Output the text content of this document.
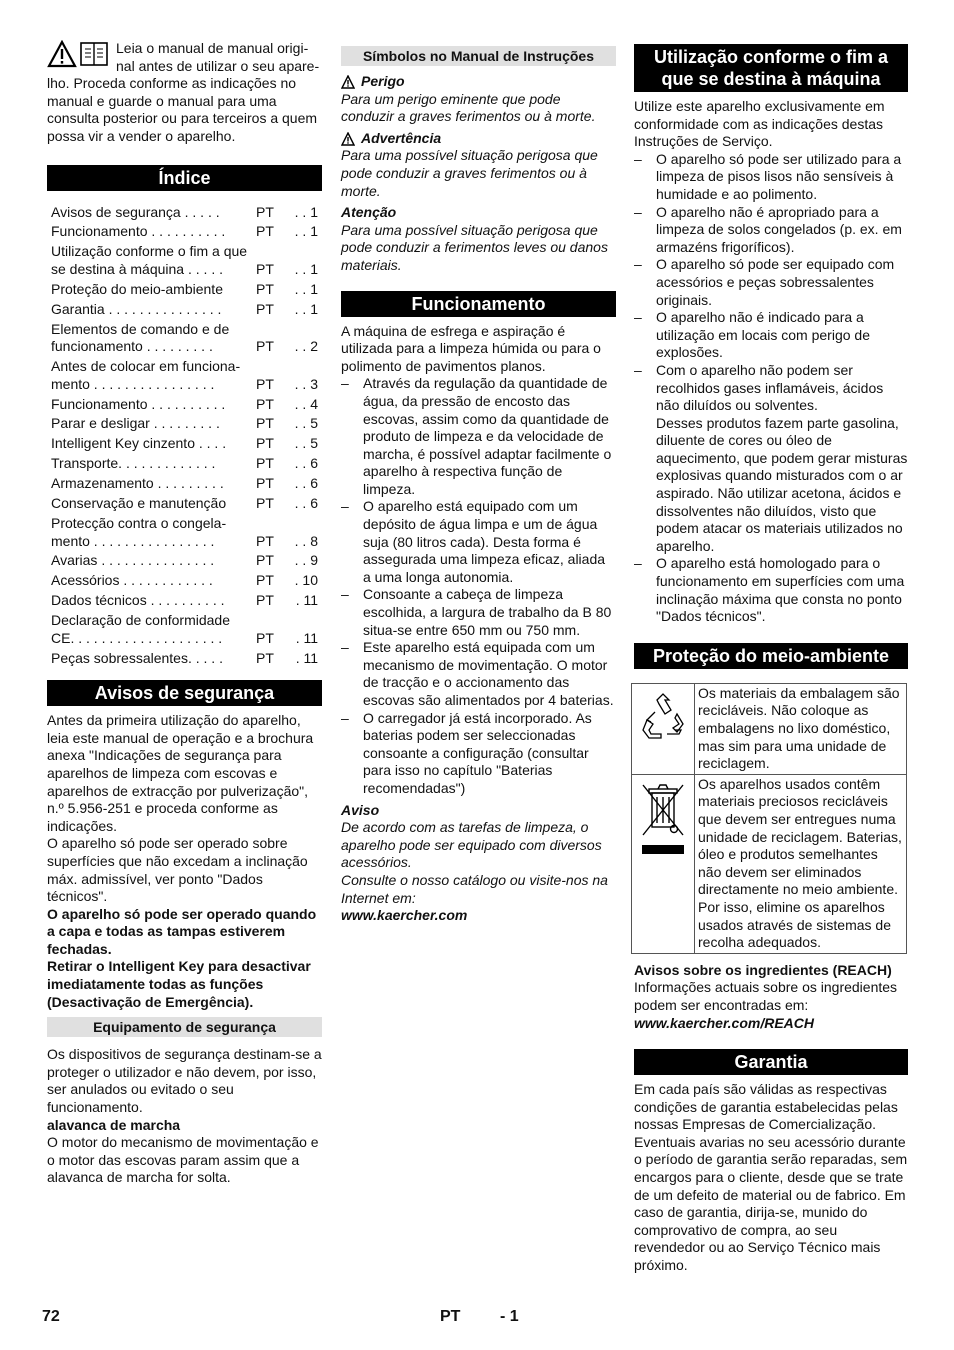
Leia o manual de manual origi-
nal antes de utilizar o seu apare-

lho. Proceda conforme as indicações no manual e guarde o manual para uma consulta posterior ou para terceiros a quem possa vir a vender o aparelho.

Índice
Avisos de segurança . . . . .	PT	. . 1
Funcionamento . . . . . . . . . .	PT	. . 1
Utilização conforme o fim a que
se destina à máquina . . . . .	PT	. . 1
Proteção do meio-ambiente	PT	. . 1
Garantia . . . . . . . . . . . . . . .	PT	. . 1
Elementos de comando e de
funcionamento . . . . . . . . .	PT	. . 2
Antes de colocar em funciona-
mento . . . . . . . . . . . . . . . .	PT	. . 3
Funcionamento . . . . . . . . . .	PT	. . 4
Parar e desligar . . . . . . . . .	PT	. . 5
Intelligent Key cinzento . . . .	PT	. . 5
Transporte. . . . . . . . . . . . .	PT	. . 6
Armazenamento . . . . . . . . .	PT	. . 6
Conservação e manutenção	PT	. . 6
Protecção contra o congela-
mento . . . . . . . . . . . . . . . .	PT	. . 8
Avarias . . . . . . . . . . . . . . .	PT	. . 9
Acessórios . . . . . . . . . . . .	PT	. 10
Dados técnicos . . . . . . . . . .	PT	. 11
Declaração de conformidade
CE. . . . . . . . . . . . . . . . . . . .	PT	. 11
Peças sobressalentes. . . . .	PT	. 11
Avisos de segurança

Antes da primeira utilização do aparelho, leia este manual de operação e a brochura anexa "Indicações de segurança para aparelhos de limpeza com escovas e aparelhos de extracção por pulverização", n.º 5.956-251 e proceda conforme as indicações.

O aparelho só pode ser operado sobre superfícies que não excedam a inclinação máx. admissível, ver ponto "Dados técnicos".

O aparelho só pode ser operado quando a capa e todas as tampas estiverem fechadas.

Retirar o Intelligent Key para desactivar imediatamente todas as funções (Desactivação de Emergência).

Equipamento de segurança

Os dispositivos de segurança destinam-se a proteger o utilizador e não devem, por isso, ser anulados ou evitado o seu funcionamento.

alavanca de marcha

O motor do mecanismo de movimentação e o motor das escovas param assim que a alavanca de marcha for solta.

Símbolos no Manual de Instruções
Perigo

Para um perigo eminente que pode conduzir a graves ferimentos ou à morte.

Advertência

Para uma possível situação perigosa que pode conduzir a graves ferimentos ou à morte.

Atenção

Para uma possível situação perigosa que pode conduzir a ferimentos leves ou danos materiais.

Funcionamento

A máquina de esfrega e aspiração é utilizada para a limpeza húmida ou para o polimento de pavimentos planos.

– Através da regulação da quantidade de água, da pressão de encosto das escovas, assim como da quantidade de produto de limpeza e da velocidade de marcha, é possível adaptar facilmente o aparelho à respectiva função de limpeza.
– O aparelho está equipado com um depósito de água limpa e um de água suja (80 litros cada). Desta forma é assegurada uma limpeza eficaz, aliada a uma longa autonomia.
– Consoante a cabeça de limpeza escolhida, a largura de trabalho da B 80 situa-se entre 650 mm ou 750 mm.
– Este aparelho está equipada com um mecanismo de movimentação. O motor de tracção e o accionamento das escovas são alimentados por 4 baterias.
– O carregador já está incorporado. As baterias podem ser seleccionadas consoante a configuração (consultar para isso no capítulo "Baterias recomendadas")

Aviso

De acordo com as tarefas de limpeza, o aparelho pode ser equipado com diversos acessórios.

Consulte o nosso catálogo ou visite-nos na Internet em:

www.kaercher.com

Utilização conforme o fim a que se destina à máquina

Utilize este aparelho exclusivamente em conformidade com as indicações destas Instruções de Serviço.

– O aparelho só pode ser utilizado para a limpeza de pisos lisos não sensíveis à humidade e ao polimento.
– O aparelho não é apropriado para a limpeza de solos congelados (p. ex. em armazéns frigoríficos).
– O aparelho só pode ser equipado com acessórios e peças sobressalentes originais.
– O aparelho não é indicado para a utilização em locais com perigo de explosões.
– Com o aparelho não podem ser recolhidos gases inflamáveis, ácidos não diluídos ou solventes.

Desses produtos fazem parte gasolina, diluente de cores ou óleo de aquecimento, que podem gerar misturas explosivas quando misturados com o ar aspirado. Não utilizar acetona, ácidos e dissolventes não diluídos, visto que podem atacar os materiais utilizados no aparelho.

– O aparelho está homologado para o funcionamento em superfícies com uma inclinação máxima que consta no ponto "Dados técnicos".
Proteção do meio-ambiente
	Os materiais da embalagem são recicláveis. Não coloque as embalagens no lixo doméstico, mas sim para uma unidade de reciclagem.
	Os aparelhos usados contêm materiais preciosos recicláveis que devem ser entregues numa unidade de reciclagem. Baterias, óleo e produtos semelhantes não devem ser eliminados directamente no meio ambiente. Por isso, elimine os aparelhos usados através de sistemas de recolha adequados.

Avisos sobre os ingredientes (REACH)

Informações actuais sobre os ingredientes podem ser encontradas em:

www.kaercher.com/REACH

Garantia

Em cada país são válidas as respectivas condições de garantia estabelecidas pelas nossas Empresas de Comercialização. Eventuais avarias no seu acessório durante o período de garantia serão reparadas, sem encargos para o cliente, desde que se trate de um defeito de material ou de fabrico. Em caso de garantia, dirija-se, munido do comprovativo de compra, ao seu revendedor ou ao Serviço Técnico mais próximo.

72	PT - 1
